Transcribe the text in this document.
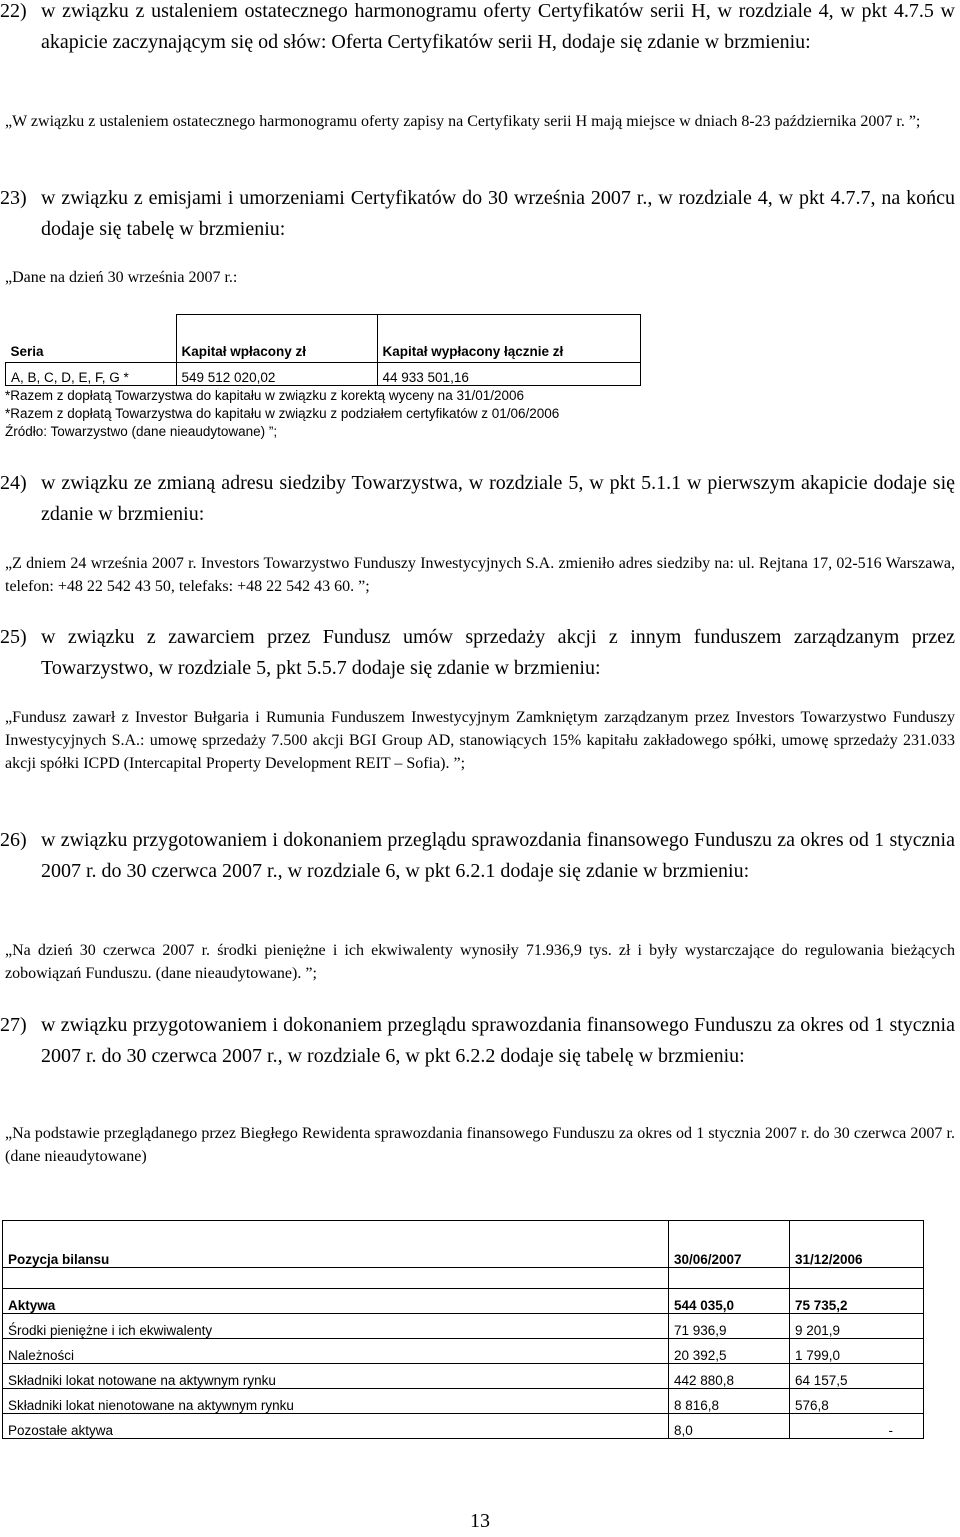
22) w związku z ustaleniem ostatecznego harmonogramu oferty Certyfikatów serii H, w rozdziale 4, w pkt 4.7.5 w akapicie zaczynającym się od słów: Oferta Certyfikatów serii H, dodaje się zdanie w brzmieniu:
„W związku z ustaleniem ostatecznego harmonogramu oferty zapisy na Certyfikaty serii H mają miejsce w dniach 8-23 października 2007 r. ”;
23) w związku z emisjami i umorzeniami Certyfikatów do 30 września 2007 r., w rozdziale 4, w pkt 4.7.7, na końcu dodaje się tabelę w brzmieniu:
„Dane na dzień 30 września 2007 r.:
Seria	Kapitał wpłacony zł	Kapitał wypłacony łącznie zł
A, B, C, D, E, F, G *	549 512 020,02	44 933 501,16
*Razem z dopłatą Towarzystwa do kapitału w związku z korektą wyceny na 31/01/2006
*Razem z dopłatą Towarzystwa do kapitału w związku z podziałem certyfikatów z 01/06/2006
Źródło: Towarzystwo (dane nieaudytowane) ”;
24) w związku ze zmianą adresu siedziby Towarzystwa, w rozdziale 5, w pkt 5.1.1 w pierwszym akapicie dodaje się zdanie w brzmieniu:
„Z dniem 24 września 2007 r. Investors Towarzystwo Funduszy Inwestycyjnych S.A. zmieniło adres siedziby na: ul. Rejtana 17, 02-516 Warszawa, telefon: +48 22 542 43 50, telefaks: +48 22 542 43 60. ”;
25) w związku z zawarciem przez Fundusz umów sprzedaży akcji z innym funduszem zarządzanym przez Towarzystwo, w rozdziale 5, pkt 5.5.7 dodaje się zdanie w brzmieniu:
„Fundusz zawarł z Investor Bułgaria i Rumunia Funduszem Inwestycyjnym Zamkniętym zarządzanym przez Investors Towarzystwo Funduszy Inwestycyjnych S.A.: umowę sprzedaży 7.500 akcji BGI Group AD, stanowiących 15% kapitału zakładowego spółki, umowę sprzedaży 231.033 akcji spółki ICPD (Intercapital Property Development REIT – Sofia). ”;
26) w związku przygotowaniem i dokonaniem przeglądu sprawozdania finansowego Funduszu za okres od 1 stycznia 2007 r. do 30 czerwca 2007 r., w rozdziale 6, w pkt 6.2.1 dodaje się zdanie w brzmieniu:
„Na dzień 30 czerwca 2007 r. środki pieniężne i ich ekwiwalenty wynosiły 71.936,9 tys. zł i były wystarczające do regulowania bieżących zobowiązań Funduszu. (dane nieaudytowane). ”;
27) w związku przygotowaniem i dokonaniem przeglądu sprawozdania finansowego Funduszu za okres od 1 stycznia 2007 r. do 30 czerwca 2007 r., w rozdziale 6, w pkt 6.2.2 dodaje się tabelę w brzmieniu:
„Na podstawie przeglądanego przez Biegłego Rewidenta sprawozdania finansowego Funduszu za okres od 1 stycznia 2007 r. do 30 czerwca 2007 r. (dane nieaudytowane)
Pozycja bilansu	30/06/2007	31/12/2006

Aktywa	544 035,0	75 735,2
Środki pieniężne i ich ekwiwalenty	71 936,9	9 201,9
Należności	20 392,5	1 799,0
Składniki lokat notowane na aktywnym rynku	442 880,8	64 157,5
Składniki lokat nienotowane na aktywnym rynku	8 816,8	576,8
Pozostałe aktywa	8,0	-
13
